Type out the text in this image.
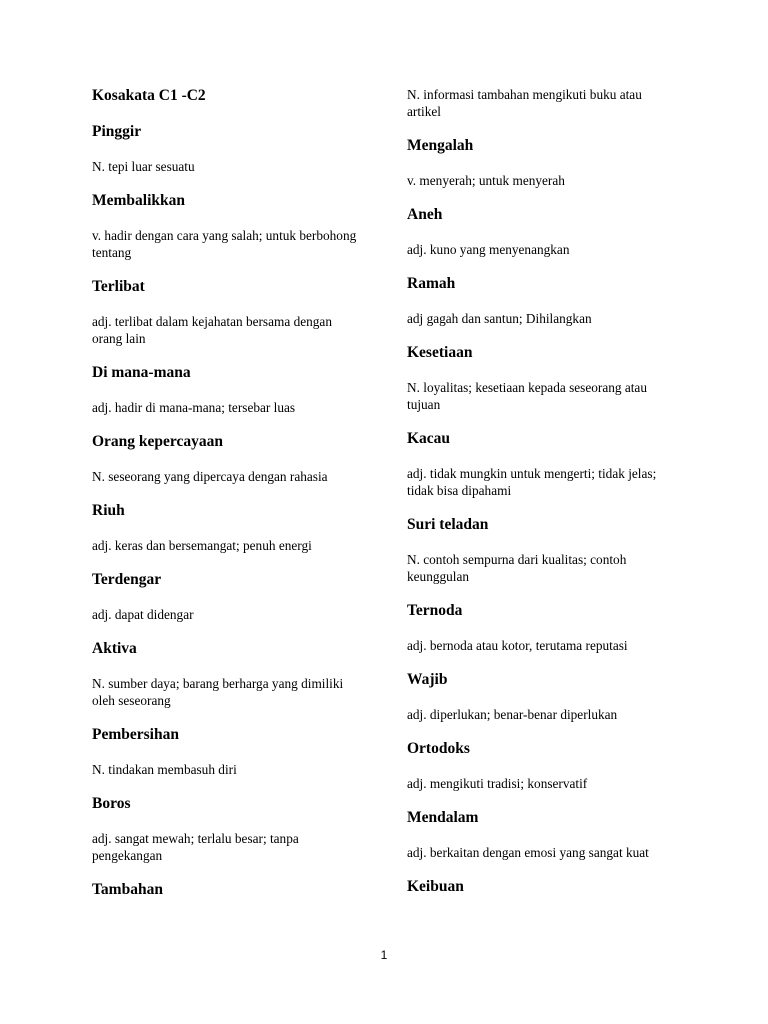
Kosakata C1 -C2
Pinggir
N. tepi luar sesuatu
Membalikkan
v. hadir dengan cara yang salah; untuk berbohong tentang
Terlibat
adj. terlibat dalam kejahatan bersama dengan orang lain
Di mana-mana
adj. hadir di mana-mana; tersebar luas
Orang kepercayaan
N. seseorang yang dipercaya dengan rahasia
Riuh
adj. keras dan bersemangat; penuh energi
Terdengar
adj. dapat didengar
Aktiva
N. sumber daya; barang berharga yang dimiliki oleh seseorang
Pembersihan
N. tindakan membasuh diri
Boros
adj. sangat mewah; terlalu besar; tanpa pengekangan
Tambahan
N. informasi tambahan mengikuti buku atau artikel
Mengalah
v. menyerah; untuk menyerah
Aneh
adj. kuno yang menyenangkan
Ramah
adj gagah dan santun; Dihilangkan
Kesetiaan
N. loyalitas; kesetiaan kepada seseorang atau tujuan
Kacau
adj. tidak mungkin untuk mengerti; tidak jelas; tidak bisa dipahami
Suri teladan
N. contoh sempurna dari kualitas; contoh keunggulan
Ternoda
adj. bernoda atau kotor, terutama reputasi
Wajib
adj. diperlukan; benar-benar diperlukan
Ortodoks
adj. mengikuti tradisi; konservatif
Mendalam
adj. berkaitan dengan emosi yang sangat kuat
Keibuan
1
